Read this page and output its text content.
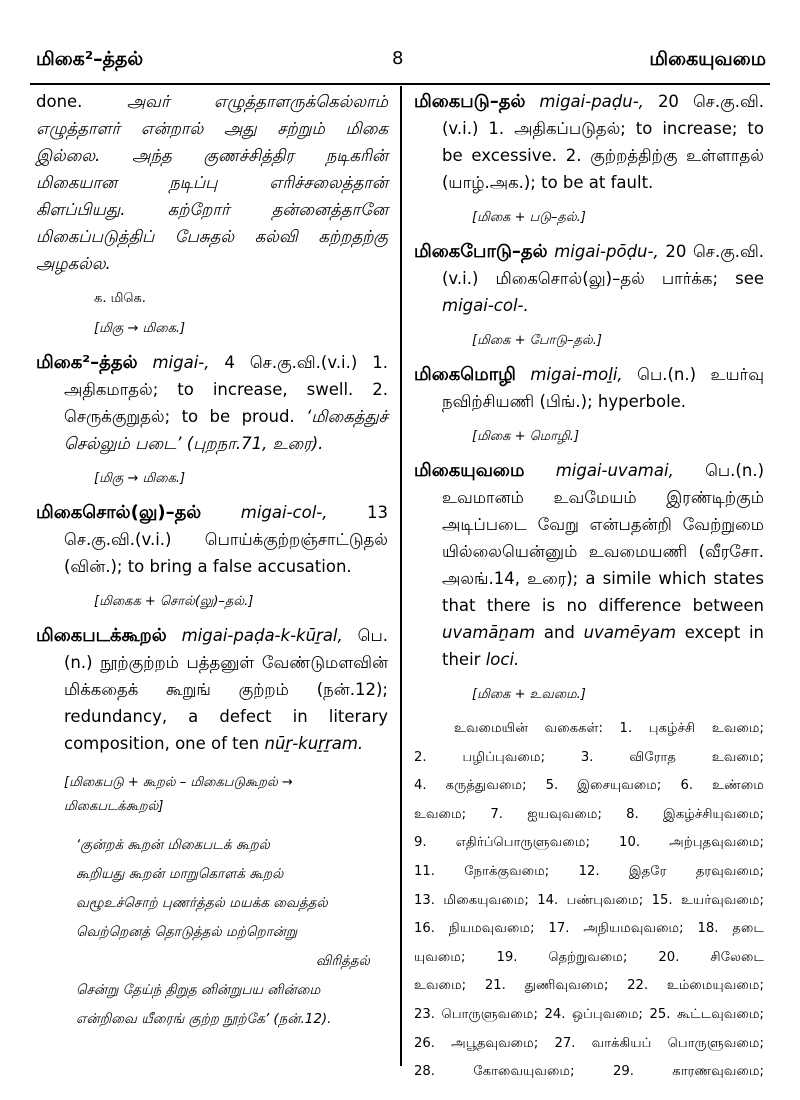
மிகை²–த்தல்	8	மிகையுவமை

done.	அவர் எழுத்தாளருக்கெல்லாம் எழுத்தாளர் என்றால் அது சற்றும் மிகை இல்லை. அந்த குணச்சித்திர நடிகரின் மிகையான நடிப்பு எரிச்சலைத்தான் கிளப்பியது. கற்றோர் தன்னைத்தானே மிகைப்படுத்திப் பேசுதல் கல்வி கற்றதற்கு அழகல்ல.

க. மிகெ.

[மிகு → மிகை.]

மிகை²–த்தல் migai-, 4 செ.கு.வி.(v.i.) 1. அதிகமாதல்; to increase, swell. 2. செருக்குறுதல்; to be proud. ‘மிகைத்துச் செல்லும் படை’ (புறநா.71, உரை).

[மிகு → மிகை.]

மிகைசொல்(லு)–தல் migai-col-, 13 செ.கு.வி.(v.i.) பொய்க்குற்றஞ்சாட்டுதல் (வின்.); to bring a false accusation.

[மிகைக + சொல்(லு)–தல்.]

மிகைபடக்கூறல் migai-paḍa-k-kūṟal, பெ.(n.) நூற்குற்றம் பத்தனுள் வேண்டுமளவின் மிக்கதைக் கூறுங் குற்றம் (நன்.12); redundancy, a defect in literary composition, one of ten nūṟ-kuṟṟam.

[மிகைபடு + கூறல் – மிகைபடுகூறல் → மிகைபடக்கூறல்]

‘குன்றக் கூறன் மிகைபடக் கூறல்
கூறியது கூறன் மாறுகொளக் கூறல்
வழூஉச்சொற் புணர்த்தல் மயக்க வைத்தல்
வெற்றெனத் தொடுத்தல் மற்றொன்று
விரித்தல்
சென்று தேய்ந் திறுத னின்றுபய னின்மை
என்றிவை யீரைங் குற்ற நூற்கே’ (நன்.12).

மிகைபடு–தல் migai-paḍu-, 20 செ.கு.வி. (v.i.) 1. அதிகப்படுதல்; to increase; to be excessive. 2. குற்றத்திற்கு உள்ளாதல் (யாழ்.அக.); to be at fault.

[மிகை + படு–தல்.]

மிகைபோடு–தல் migai-pōḍu-, 20 செ.கு.வி. (v.i.) மிகைசொல்(லு)–தல் பார்க்க; see migai-col-.

[மிகை + போடு–தல்.]

மிகைமொழி migai-moḻi, பெ.(n.) உயர்வு நவிற்சியணி (பிங்.); hyperbole.

[மிகை + மொழி.]

மிகையுவமை migai-uvamai, பெ.(n.) உவமானம் உவமேயம் இரண்டிற்கும் அடிப்படை வேறு என்பதன்றி வேற்றுமை யில்லையென்னும் உவமையணி (வீரசோ. அலங்.14, உரை); a simile which states that there is no difference between uvamāṉam and uvamēyam except in their loci.

[மிகை + உவமை.]

உவமையின் வகைகள்: 1. புகழ்ச்சி உவமை;
2. பழிப்புவமை; 3. விரோத உவமை;
4. கருத்துவமை; 5. இசையுவமை; 6. உண்மை
உவமை; 7. ஐயவுவமை; 8. இகழ்ச்சியுவமை;
9. எதிர்ப்பொருளுவமை; 10. அற்புதவுவமை;
11. நோக்குவமை; 12. இதரே தரவுவமை;
13. மிகையுவமை; 14. பண்புவமை; 15. உயர்வுவமை;
16. நியமவுவமை; 17. அநியமவுவமை; 18. தடை
யுவமை; 19. தெற்றுவமை; 20. சிலேடை
உவமை; 21. துணிவுவமை; 22. உம்மையுவமை;
23. பொருளுவமை; 24. ஒப்புவமை; 25. கூட்டவுவமை;
26. அபூதவுவமை; 27. வாக்கியப் பொருளுவமை;
28. கோவையுவமை; 29. காரணவுவமை;
